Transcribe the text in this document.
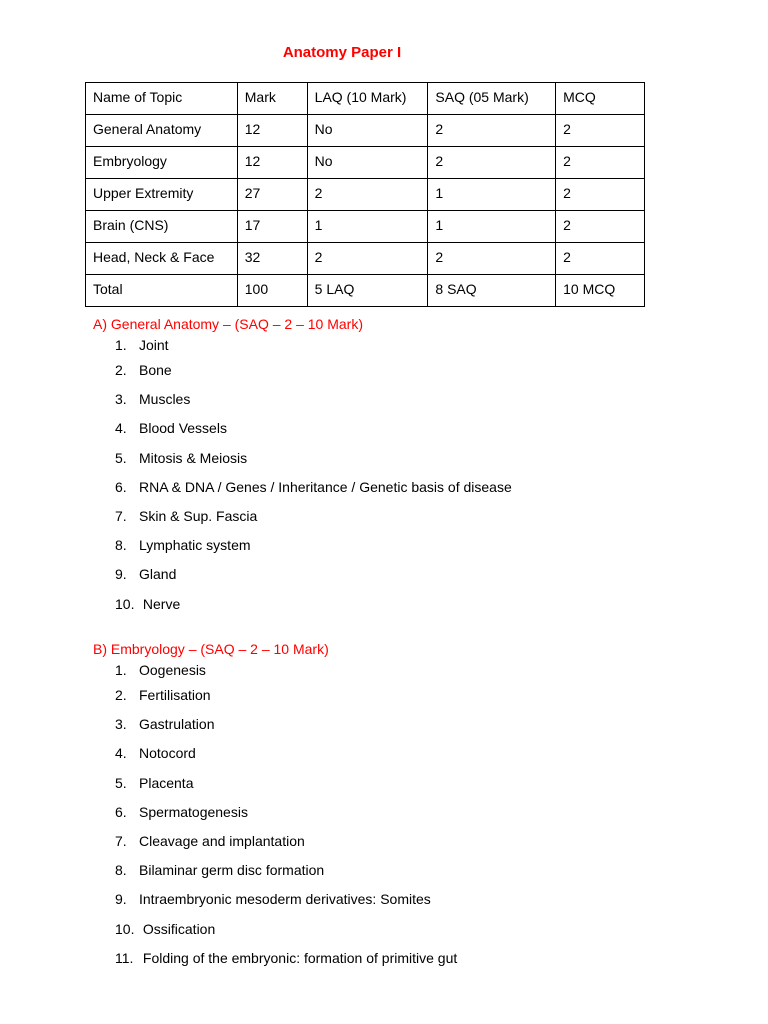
Anatomy Paper I
Name of Topic	Mark	LAQ (10 Mark)	SAQ (05 Mark)	MCQ
General Anatomy	12	No	2	2
Embryology	12	No	2	2
Upper Extremity	27	2	1	2
Brain (CNS)	17	1	1	2
Head, Neck & Face	32	2	2	2
Total	100	5 LAQ	8 SAQ	10 MCQ
A) General Anatomy – (SAQ – 2 – 10 Mark)
1. Joint
2. Bone
3. Muscles
4. Blood Vessels
5. Mitosis & Meiosis
6. RNA & DNA / Genes / Inheritance / Genetic basis of disease
7. Skin & Sup. Fascia
8. Lymphatic system
9. Gland
10. Nerve
B) Embryology – (SAQ – 2 – 10 Mark)
1. Oogenesis
2. Fertilisation
3. Gastrulation
4. Notocord
5. Placenta
6. Spermatogenesis
7. Cleavage and implantation
8. Bilaminar germ disc formation
9. Intraembryonic mesoderm derivatives: Somites
10. Ossification
11. Folding of the embryonic: formation of primitive gut
